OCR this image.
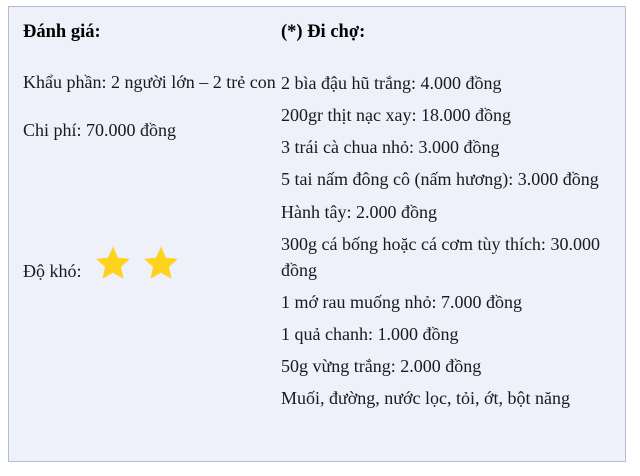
Đánh giá:
Khẩu phần: 2 người lớn – 2 trẻ con
Chi phí: 70.000 đồng
Độ khó:
(*) Đi chợ:
2 bìa đậu hũ trắng: 4.000 đồng
200gr thịt nạc xay: 18.000 đồng
3 trái cà chua nhỏ: 3.000 đồng
5 tai nấm đông cô (nấm hương): 3.000 đồng
Hành tây: 2.000 đồng
300g cá bống hoặc cá cơm tùy thích: 30.000 đồng
1 mớ rau muống nhỏ: 7.000 đồng
1 quả chanh: 1.000 đồng
50g vừng trắng: 2.000 đồng
Muối, đường, nước lọc, tỏi, ớt, bột năng
